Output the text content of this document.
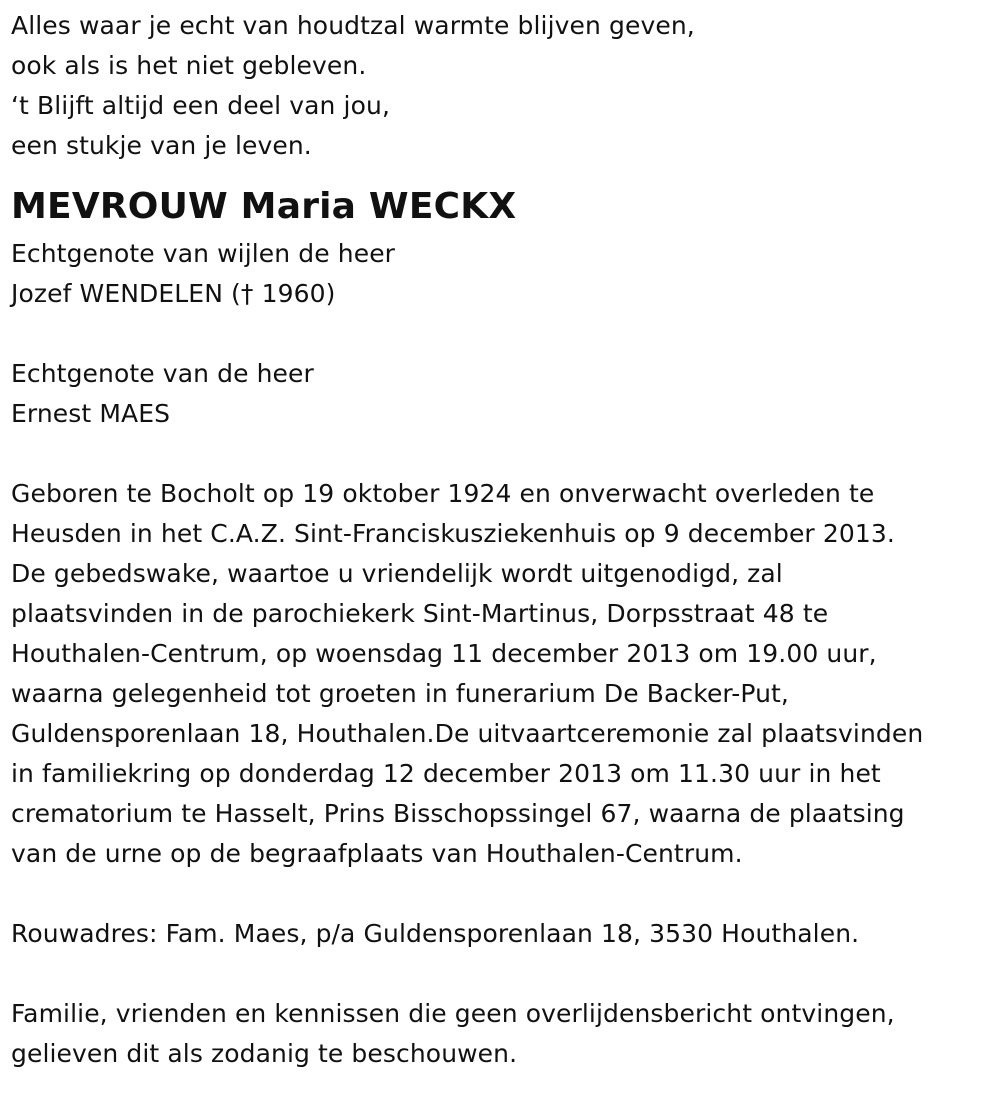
Alles waar je echt van houdtzal warmte blijven geven,

ook als is het niet gebleven.

‘t Blijft altijd een deel van jou,

een stukje van je leven.

MEVROUW Maria WECKX

Echtgenote van wijlen de heer

Jozef WENDELEN († 1960)

Echtgenote van de heer

Ernest MAES

Geboren te Bocholt op 19 oktober 1924 en onverwacht overleden te

Heusden in het C.A.Z. Sint-Franciskusziekenhuis op 9 december 2013.

De gebedswake, waartoe u vriendelijk wordt uitgenodigd, zal

plaatsvinden in de parochiekerk Sint-Martinus, Dorpsstraat 48 te

Houthalen-Centrum, op woensdag 11 december 2013 om 19.00 uur,

waarna gelegenheid tot groeten in funerarium De Backer-Put,

Guldensporenlaan 18, Houthalen.De uitvaartceremonie zal plaatsvinden

in familiekring op donderdag 12 december 2013 om 11.30 uur in het

crematorium te Hasselt, Prins Bisschopssingel 67, waarna de plaatsing

van de urne op de begraafplaats van Houthalen-Centrum.

Rouwadres: Fam. Maes, p/a Guldensporenlaan 18, 3530 Houthalen.

Familie, vrienden en kennissen die geen overlijdensbericht ontvingen,

gelieven dit als zodanig te beschouwen.
